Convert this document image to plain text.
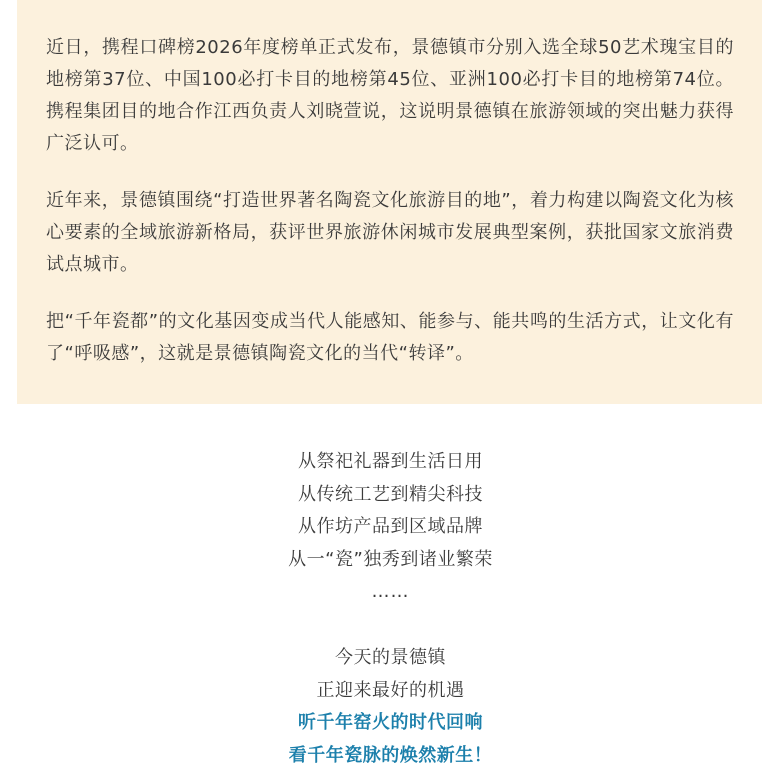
近日，携程口碑榜2026年度榜单正式发布，景德镇市分别入选全球50艺术瑰宝目的地榜第37位、中国100必打卡目的地榜第45位、亚洲100必打卡目的地榜第74位。携程集团目的地合作江西负责人刘晓萱说，这说明景德镇在旅游领域的突出魅力获得广泛认可。

近年来，景德镇围绕“打造世界著名陶瓷文化旅游目的地”，着力构建以陶瓷文化为核心要素的全域旅游新格局，获评世界旅游休闲城市发展典型案例，获批国家文旅消费试点城市。

把“千年瓷都”的文化基因变成当代人能感知、能参与、能共鸣的生活方式，让文化有了“呼吸感”，这就是景德镇陶瓷文化的当代“转译”。

从祭祀礼器到生活日用
从传统工艺到精尖科技
从作坊产品到区域品牌
从一“瓷”独秀到诸业繁荣
……
今天的景德镇
正迎来最好的机遇
听千年窑火的时代回响
看千年瓷脉的焕然新生！
